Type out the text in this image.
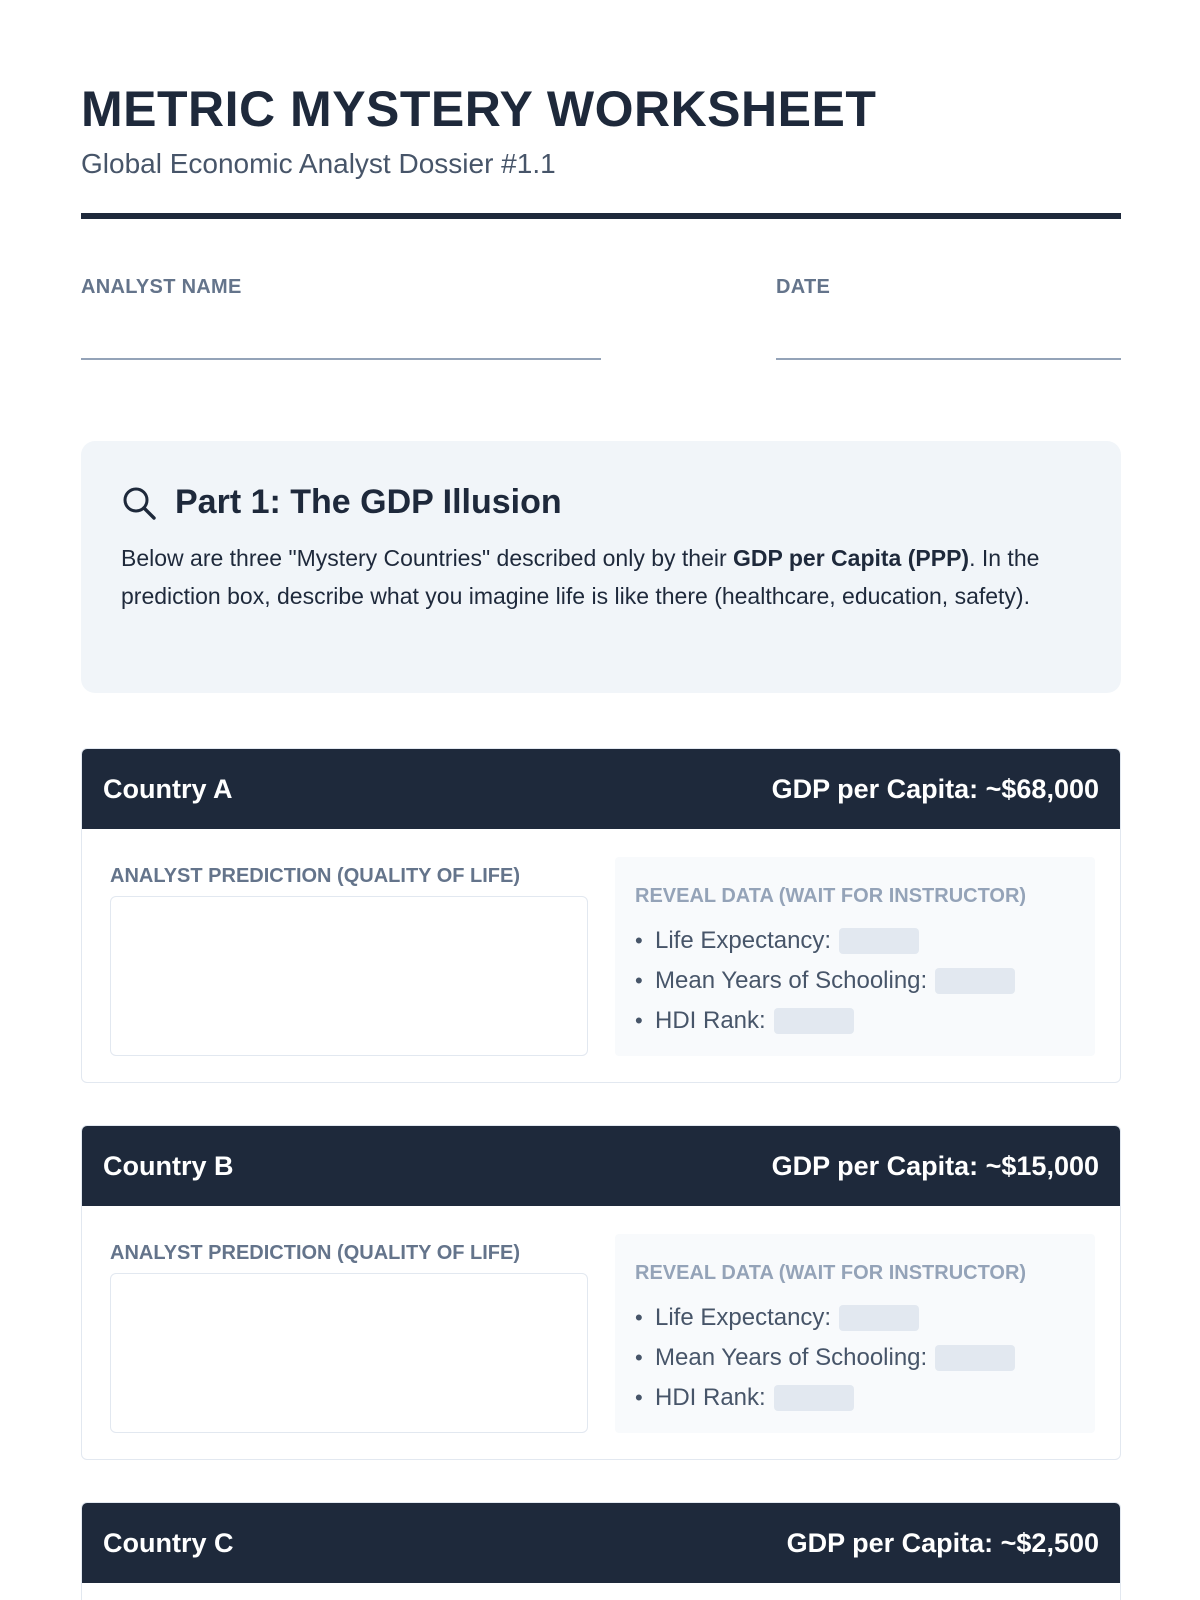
METRIC MYSTERY WORKSHEET
Global Economic Analyst Dossier #1.1
ANALYST NAME	DATE
Part 1: The GDP Illusion

Below are three "Mystery Countries" described only by their GDP per Capita (PPP). In the prediction box, describe what you imagine life is like there (healthcare, education, safety).

Country A	GDP per Capita: ~$68,000
ANALYST PREDICTION (QUALITY OF LIFE)
REVEAL DATA (WAIT FOR INSTRUCTOR)
• Life Expectancy:
• Mean Years of Schooling:
• HDI Rank:
Country B	GDP per Capita: ~$15,000
ANALYST PREDICTION (QUALITY OF LIFE)
REVEAL DATA (WAIT FOR INSTRUCTOR)
• Life Expectancy:
• Mean Years of Schooling:
• HDI Rank:
Country C	GDP per Capita: ~$2,500
